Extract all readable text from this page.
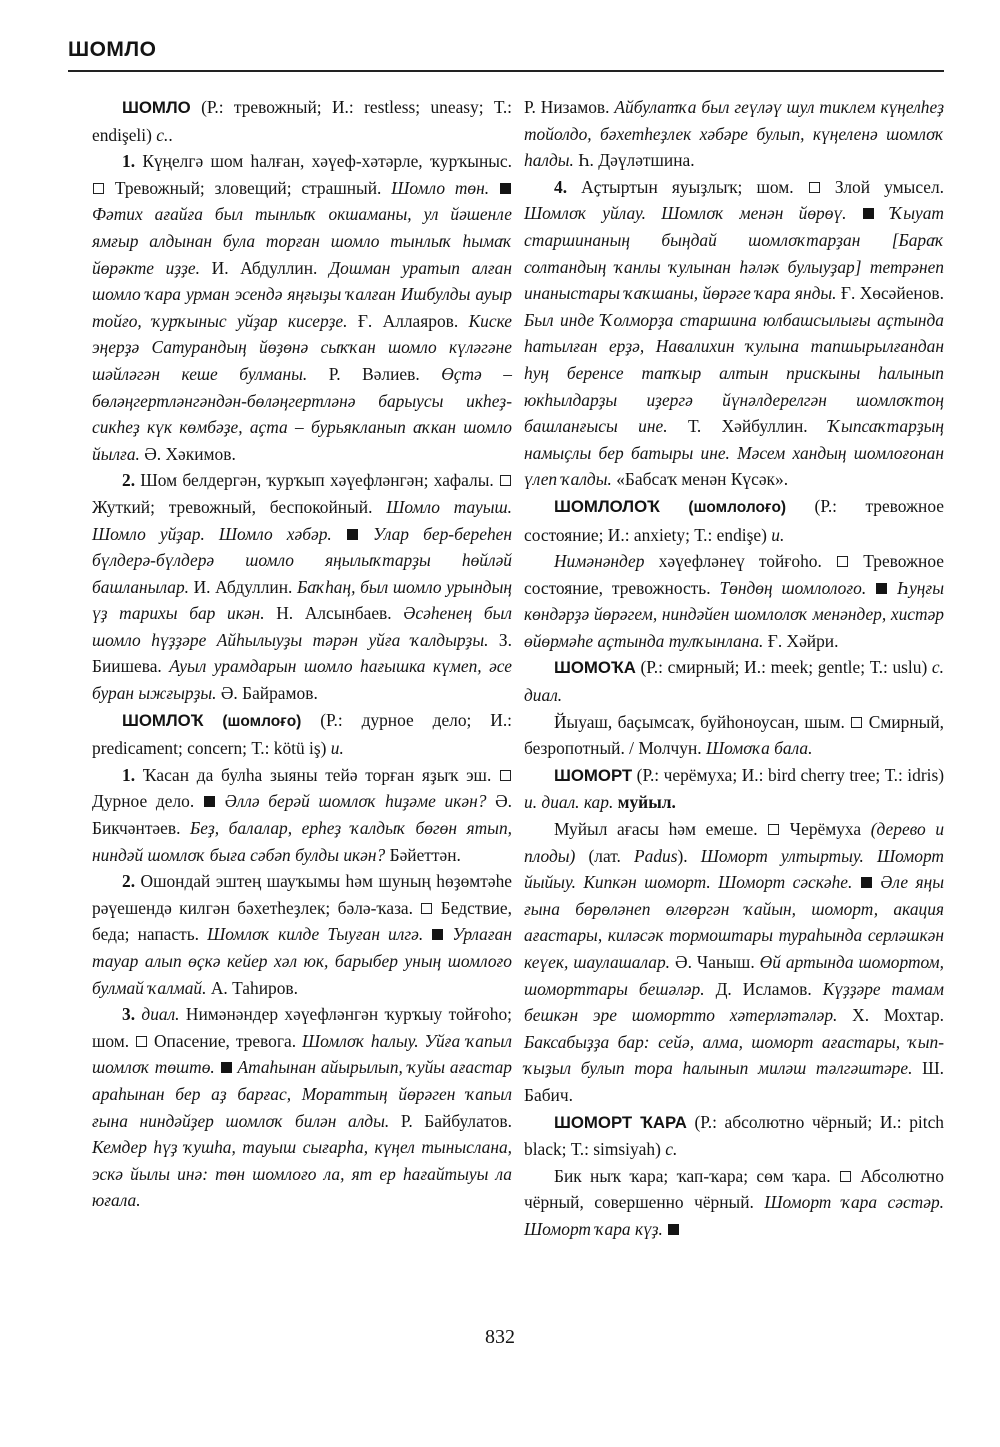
ШОМЛО

ШОМЛО (Р.: тревожный; И.: restless; uneasy; Т.: endişeli) с..

1. Күңелгә шом һалған, хәүеф-хәтәрле, ҡурҡыныс.  Тревожный; зловещий; страшный. Шомло төн.  Фәтих ағайға был тынлыҡ окшаманы, ул йәшенле ямғыр алдынан була торған шомло тынлыҡ һымаҡ йөрәкте иҙҙе. И. Абдуллин. Дошман уратып алған шомло ҡара урман эсендә яңғыҙы ҡалған Ишбулды ауыр тойғо, ҡурҡыныс уйҙар кисерҙе. Ғ. Аллаяров. Киске эңерҙә Сатурандың йөҙөнә сыҡҡан шомло күләгәне шәйләгән кеше булманы. Р. Вәлиев. Өҫтә – бөләңгертләнгәндән-бөләңгертләнә барыусы икһеҙ-сикһеҙ күк көмбәҙе, аҫта – бурьякланып аҡкан шомло йылға. Ә. Хәкимов.

2. Шом белдергән, ҡурҡып хәүефләнгән; хафалы.  Жуткий; тревожный, беспокойный. Шомло тауыш. Шомло уйҙар. Шомло хәбәр. Улар бер-береһен бүлдерә-бүлдерә шомло яңылыҡтарҙы һөйләй башланылар. И. Абдуллин. Баҡһаң, был шомло урындың үҙ тарихы бар икән. Н. Алсынбаев. Әсәһенең был шомло һүҙҙәре Айһылыуҙы тәрән уйға ҡалдырҙы. З. Биишева. Ауыл урамдарын шомло һағышка күмеп, әсе буран ыжғырҙы. Ә. Байрамов.

ШОМЛОҠ (шомлоғо) (Р.: дурное дело; И.: predicament; concern; Т.: kötü iş) и.

1. Ҡасан да булһа зыяны тейә торған яҙыҡ эш.  Дурное дело.  Әллә берәй шомлоҡ һиҙәме икән? Ә. Бикчәнтәев. Беҙ, балалар, ерһеҙ ҡалдыҡ бөгөн ятып, ниндәй шомлоҡ быға сәбәп булды икән? Бәйеттән.

2. Ошондай эштең шауҡымы һәм шуның һөҙөмтәһе рәүешендә килгән бәхетһеҙлек; бәлә-ҡаза.  Бедствие, беда; напасть. Шомлоҡ килде Тыуған илгә. Урлаған тауар алып өҫкә кейер хәл юк, барыбер уның шомлоғо булмай ҡалмай. А. Таһиров.

3. диал. Нимәнәндер хәүефләнгән ҡурҡыу тойғоһо; шом.  Опасение, тревога. Шомлоҡ һалыу. Уйға ҡапыл шомлоҡ төштө. Атаһынан айырылып, ҡуйы ағастар араһынан бер аҙ барғас, Мораттың йөрәген ҡапыл ғына ниндәйҙер шомлоҡ билән алды. Р. Байбулатов. Кемдер һүҙ ҡушһа, тауыш сығарһа, күңел тыныслана, эскә йылы инә: төн шомлоғо ла, ят ер һағайтыуы ла юғала.

Р. Низамов. Айбулатҡа был геүләү шул тиклем күңелһеҙ тойолдо, бәхетһеҙлек хәбәре булып, күңеленә шомлоҡ һалды. Һ. Дәүләтшина.

4. Аҫтыртын яуыҙлыҡ; шом.  Злой умысел. Шомлоҡ уйлау. Шомлоҡ менән йөрөү.	Ҡыуат старшинаның быңдай шомлоҡтарҙан [Бараҡ солтандың ҡанлы ҡулынан һәләк булыуҙар] тетрәнеп инаныстары ҡаҡшаны, йөрәге ҡара янды. Ғ. Хөсәйенов. Был инде Ҡолморҙа старшина юлбашсылығы аҫтында һатылған ерҙә, Навалихин ҡулына тапшырылғандан һуң беренсе тапҡыр алтын прискыны һалынып юкһылдарҙы иҙергә йүнәлдерелгән шомлоҡтоң башланғысы ине. Т. Хәйбуллин. Ҡыпсаҡтарҙың намыҫлы бер батыры ине. Мәсем хандың шомлоғонан үлеп ҡалды. «Бабсаҡ менән Күсәк».

ШОМЛОЛОҠ (шомлолоғо) (Р.: тревожное состояние; И.: anxiety; Т.: endişe) и.

Нимәнәндер хәүефләнеү тойғоһо.  Тревожное состояние, тревожность. Төндөң шомлолоғо. Һуңғы көндәрҙә йөрәгем, ниндәйен шомлолоҡ менәндер, хистәр өйөрмәһе аҫтында тулҡынлана. Ғ. Хәйри.

ШОМОҠА (Р.: смирный; И.: meek; gentle; Т.: uslu) с. диал.

Йыуаш, баҫымсаҡ, буйһоноусан, шым.  Смирный, безропотный. / Молчун. Шомоҡа бала.

ШОМОРТ (Р.: черёмуха; И.: bird cherry tree; Т.: idris) и. диал. кар. муйыл.

Муйыл ағасы һәм емеше.  Черёмуха (дерево и плоды) (лат. Padus). Шоморт ултыртыу. Шоморт йыйыу. Кипкән шоморт. Шоморт сәскәһе. Әле яңы ғына бөрөләнеп өлгөргән ҡайын, шоморт, акация ағастары, киләсәк тормоштары тураһында серләшкән кеүек, шаулашалар. Ә. Чаныш. Өй артында шомортом, шоморттары бешәләр. Д. Исламов. Күҙҙәре тамам бешкән эре шоморттo хәтерләтәләр. Х. Мохтар. Баксабыҙҙа бар: сейә, алма, шоморт ағастары, ҡып-ҡыҙыл булып тора һалынып миләш тәлгәштәре. Ш. Бабич.

ШОМОРТ ҠАРА (Р.: абсолютно чёрный; И.: pitch black; Т.: simsiyah) с.

Бик ныҡ ҡара; ҡап-ҡара; сөм ҡара.  Абсолютно чёрный, совершенно чёрный. Шоморт ҡара сәстәр. Шоморт ҡара күҙ.

832
